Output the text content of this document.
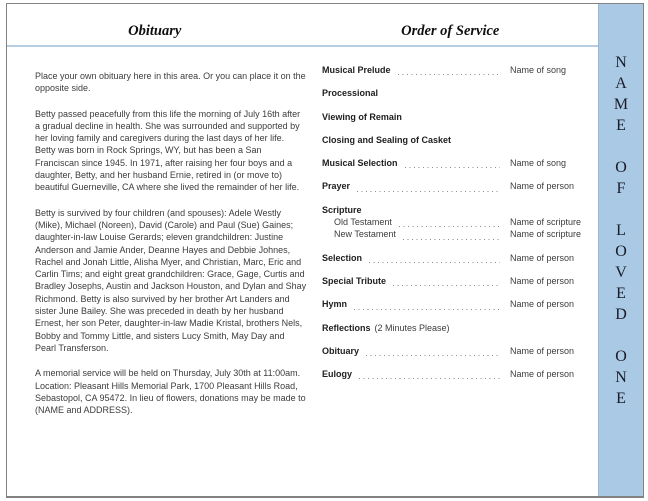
Obituary	Order of Service

Place your own obituary here in this area. Or you can place it on the opposite side.

Betty passed peacefully from this life the morning of July 16th after a gradual decline in health. She was surrounded and supported by her loving family and caregivers during the last days of her life. Betty was born in Rock Springs, WY, but has been a San Franciscan since 1945. In 1971, after raising her four boys and a daughter, Betty, and her husband Ernie, retired in (or move to) beautiful Guerneville, CA where she lived the remainder of her life.

Betty is survived by four children (and spouses): Adele Westly (Mike), Michael (Noreen), David (Carole) and Paul (Sue) Gaines; daughter-in-law Louise Gerards; eleven grandchildren: Justine Anderson and Jamie Ander, Deanne Hayes and Debbie Johnes, Rachel and Jonah Little, Alisha Myer, and Christian, Marc, Eric and Carlin Tims; and eight great grandchildren: Grace, Gage, Curtis and Bradley Josephs, Austin and Jackson Houston, and Dylan and Shay Richmond. Betty is also survived by her brother Art Landers and sister June Bailey. She was preceded in death by her husband Ernest, her son Peter, daughter-in-law Madie Kristal, brothers Nels, Bobby and Tommy Little, and sisters Lucy Smith, May Day and Pearl Transferson.

A memorial service will be held on Thursday, July 30th at 11:00am. Location: Pleasant Hills Memorial Park, 1700 Pleasant Hills Road, Sebastopol, CA 95472. In lieu of flowers, donations may be made to (NAME and ADDRESS).

Musical Prelude	Name of song
Processional
Viewing of Remain
Closing and Sealing of Casket
Musical Selection	Name of song
Prayer	Name of person
Scripture
Old Testament	Name of scripture
New Testament	Name of scripture
Selection	Name of person
Special Tribute	Name of person
Hymn	Name of person
Reflections (2 Minutes Please)
Obituary	Name of person
Eulogy	Name of person
N
A
M
E

O
F

L
O
V
E
D

O
N
E
